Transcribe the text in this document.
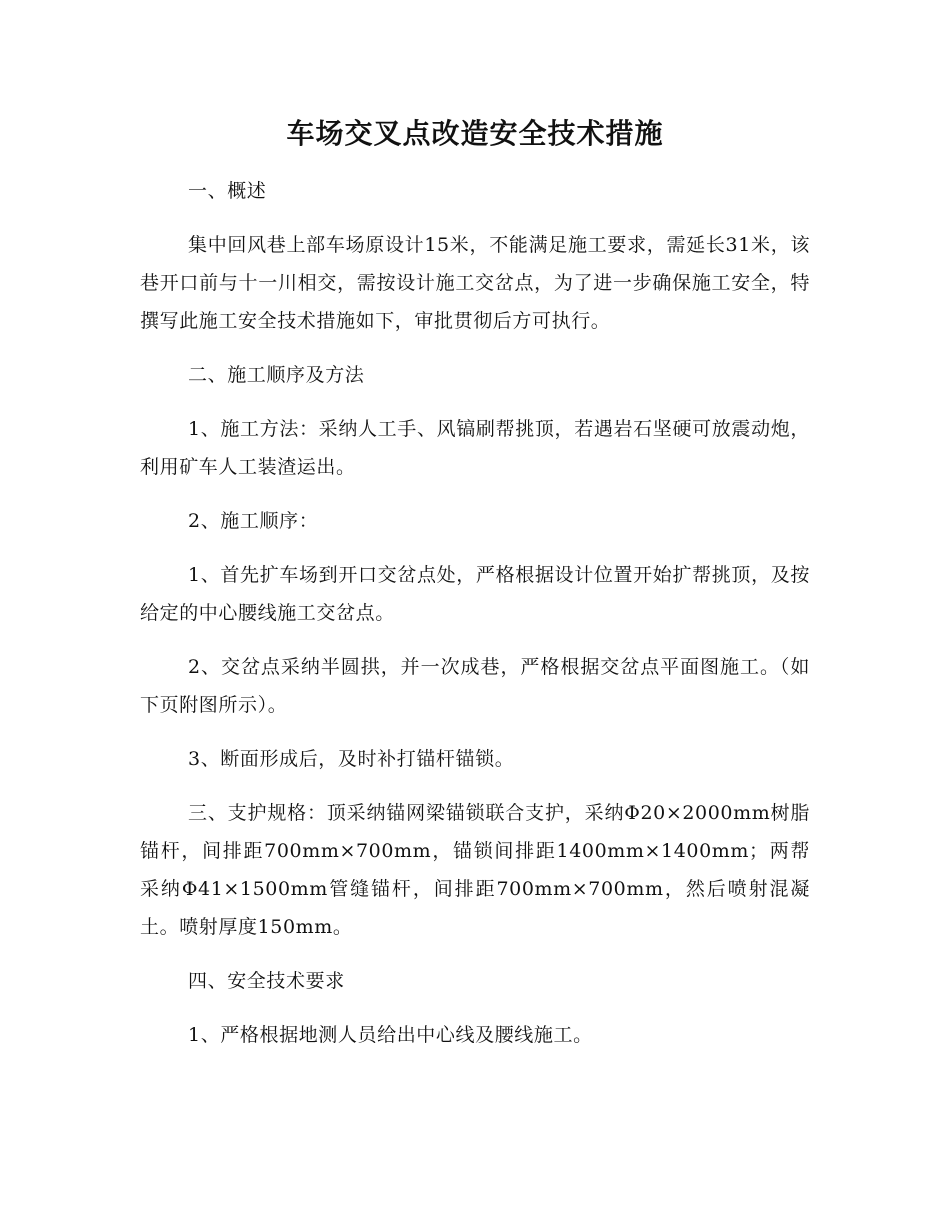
车场交叉点改造安全技术措施

一、概述

集中回风巷上部车场原设计15米，不能满足施工要求，需延长31米，该巷开口前与十一川相交，需按设计施工交岔点，为了进一步确保施工安全，特撰写此施工安全技术措施如下，审批贯彻后方可执行。

二、施工顺序及方法

1、施工方法：采纳人工手、风镐刷帮挑顶，若遇岩石坚硬可放震动炮，利用矿车人工装渣运出。

2、施工顺序：

1、首先扩车场到开口交岔点处，严格根据设计位置开始扩帮挑顶，及按给定的中心腰线施工交岔点。

2、交岔点采纳半圆拱，并一次成巷，严格根据交岔点平面图施工。（如下页附图所示）。

3、断面形成后，及时补打锚杆锚锁。

三、支护规格：顶采纳锚网梁锚锁联合支护，采纳Φ20×2000mm树脂锚杆，间排距700mm×700mm，锚锁间排距1400mm×1400mm；两帮采纳Φ41×1500mm管缝锚杆，间排距700mm×700mm，然后喷射混凝土。喷射厚度150mm。

四、安全技术要求

1、严格根据地测人员给出中心线及腰线施工。
